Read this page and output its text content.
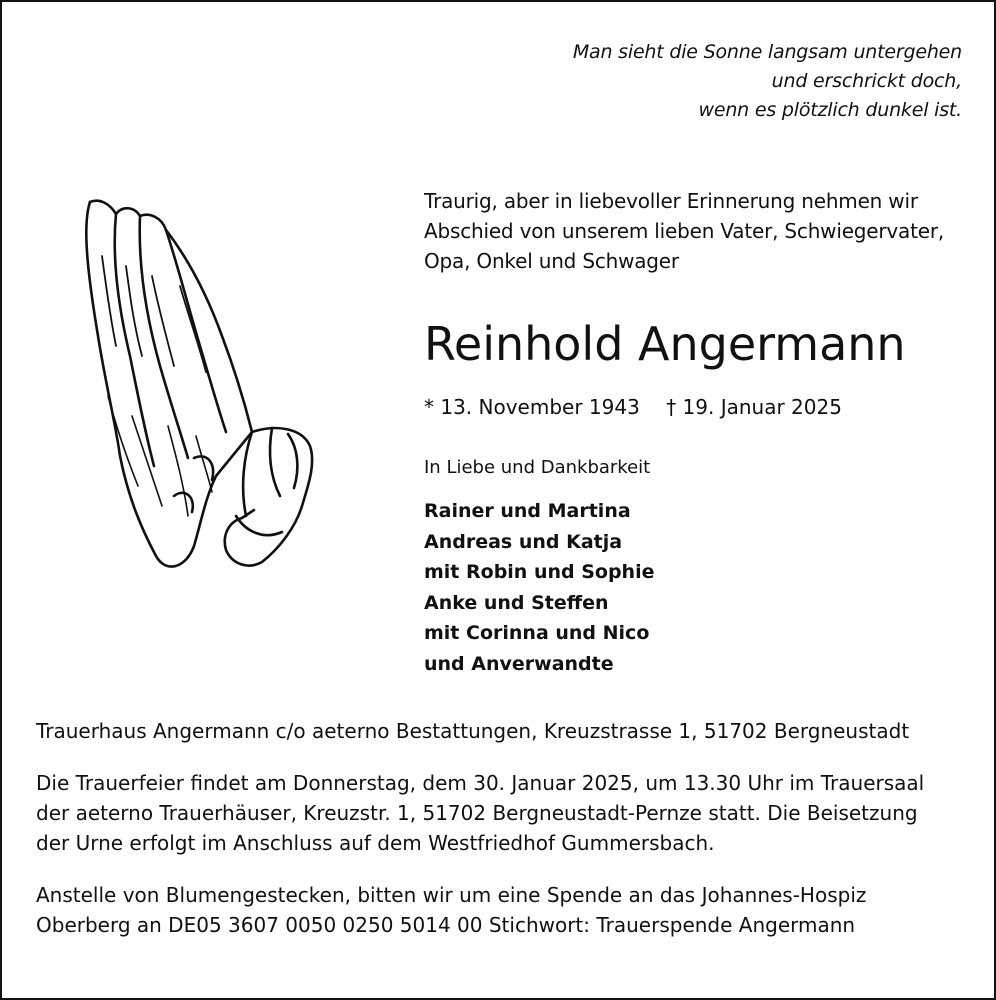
Man sieht die Sonne langsam untergehen
und erschrickt doch,
wenn es plötzlich dunkel ist.
Traurig, aber in liebevoller Erinnerung nehmen wir
Abschied von unserem lieben Vater, Schwiegervater,
Opa, Onkel und Schwager
Reinhold Angermann
* 13. November 1943 † 19. Januar 2025
In Liebe und Dankbarkeit
Rainer und Martina
Andreas und Katja
mit Robin und Sophie
Anke und Steffen
mit Corinna und Nico
und Anverwandte
Trauerhaus Angermann c/o aeterno Bestattungen, Kreuzstrasse 1, 51702 Bergneustadt
Die Trauerfeier findet am Donnerstag, dem 30. Januar 2025, um 13.30 Uhr im Trauersaal
der aeterno Trauerhäuser, Kreuzstr. 1, 51702 Bergneustadt-Pernze statt. Die Beisetzung
der Urne erfolgt im Anschluss auf dem Westfriedhof Gummersbach.
Anstelle von Blumengestecken, bitten wir um eine Spende an das Johannes-Hospiz
Oberberg an DE05 3607 0050 0250 5014 00 Stichwort: Trauerspende Angermann
